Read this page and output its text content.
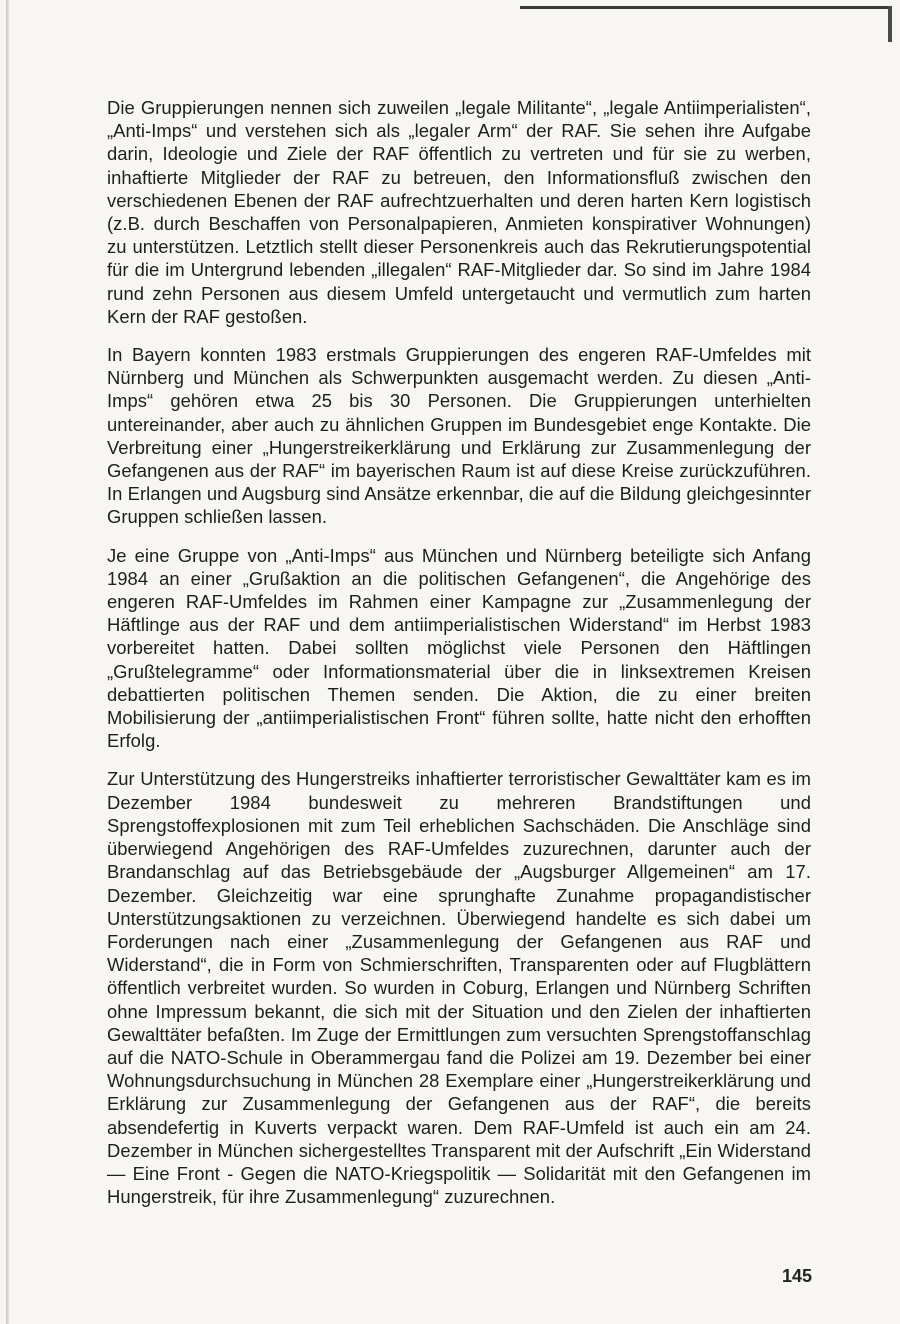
Die Gruppierungen nennen sich zuweilen „legale Militante“, „legale Antiimperialisten“, „Anti-Imps“ und verstehen sich als „legaler Arm“ der RAF. Sie sehen ihre Aufgabe darin, Ideologie und Ziele der RAF öffentlich zu vertreten und für sie zu werben, inhaftierte Mitglieder der RAF zu betreuen, den Informationsfluß zwischen den verschiedenen Ebenen der RAF aufrechtzuerhalten und deren harten Kern logistisch (z.B. durch Beschaffen von Personalpapieren, Anmieten konspirativer Wohnungen) zu unterstützen. Letztlich stellt dieser Personenkreis auch das Rekrutierungspotential für die im Untergrund lebenden „illegalen“ RAF-Mitglieder dar. So sind im Jahre 1984 rund zehn Personen aus diesem Umfeld untergetaucht und vermutlich zum harten Kern der RAF gestoßen.

In Bayern konnten 1983 erstmals Gruppierungen des engeren RAF-Umfeldes mit Nürnberg und München als Schwerpunkten ausgemacht werden. Zu diesen „Anti-Imps“ gehören etwa 25 bis 30 Personen. Die Gruppierungen unterhielten untereinander, aber auch zu ähnlichen Gruppen im Bundesgebiet enge Kontakte. Die Verbreitung einer „Hungerstreikerklärung und Erklärung zur Zusammenlegung der Gefangenen aus der RAF“ im bayerischen Raum ist auf diese Kreise zurückzuführen. In Erlangen und Augsburg sind Ansätze erkennbar, die auf die Bildung gleichgesinnter Gruppen schließen lassen.

Je eine Gruppe von „Anti-Imps“ aus München und Nürnberg beteiligte sich Anfang 1984 an einer „Grußaktion an die politischen Gefangenen“, die Angehörige des engeren RAF-Umfeldes im Rahmen einer Kampagne zur „Zusammenlegung der Häftlinge aus der RAF und dem antiimperialistischen Widerstand“ im Herbst 1983 vorbereitet hatten. Dabei sollten möglichst viele Personen den Häftlingen „Grußtelegramme“ oder Informationsmaterial über die in linksextremen Kreisen debattierten politischen Themen senden. Die Aktion, die zu einer breiten Mobilisierung der „antiimperialistischen Front“ führen sollte, hatte nicht den erhofften Erfolg.

Zur Unterstützung des Hungerstreiks inhaftierter terroristischer Gewalttäter kam es im Dezember 1984 bundesweit zu mehreren Brandstiftungen und Sprengstoffexplosionen mit zum Teil erheblichen Sachschäden. Die Anschläge sind überwiegend Angehörigen des RAF-Umfeldes zuzurechnen, darunter auch der Brandanschlag auf das Betriebsgebäude der „Augsburger Allgemeinen“ am 17. Dezember. Gleichzeitig war eine sprunghafte Zunahme propagandistischer Unterstützungsaktionen zu verzeichnen. Überwiegend handelte es sich dabei um Forderungen nach einer „Zusammenlegung der Gefangenen aus RAF und Widerstand“, die in Form von Schmierschriften, Transparenten oder auf Flugblättern öffentlich verbreitet wurden. So wurden in Coburg, Erlangen und Nürnberg Schriften ohne Impressum bekannt, die sich mit der Situation und den Zielen der inhaftierten Gewalttäter befaßten. Im Zuge der Ermittlungen zum versuchten Sprengstoffanschlag auf die NATO-Schule in Oberammergau fand die Polizei am 19. Dezember bei einer Wohnungsdurchsuchung in München 28 Exemplare einer „Hungerstreikerklärung und Erklärung zur Zusammenlegung der Gefangenen aus der RAF“, die bereits absendefertig in Kuverts verpackt waren. Dem RAF-Umfeld ist auch ein am 24. Dezember in München sichergestelltes Transparent mit der Aufschrift „Ein Widerstand — Eine Front - Gegen die NATO-Kriegspolitik — Solidarität mit den Gefangenen im Hungerstreik, für ihre Zusammenlegung“ zuzurechnen.

145
